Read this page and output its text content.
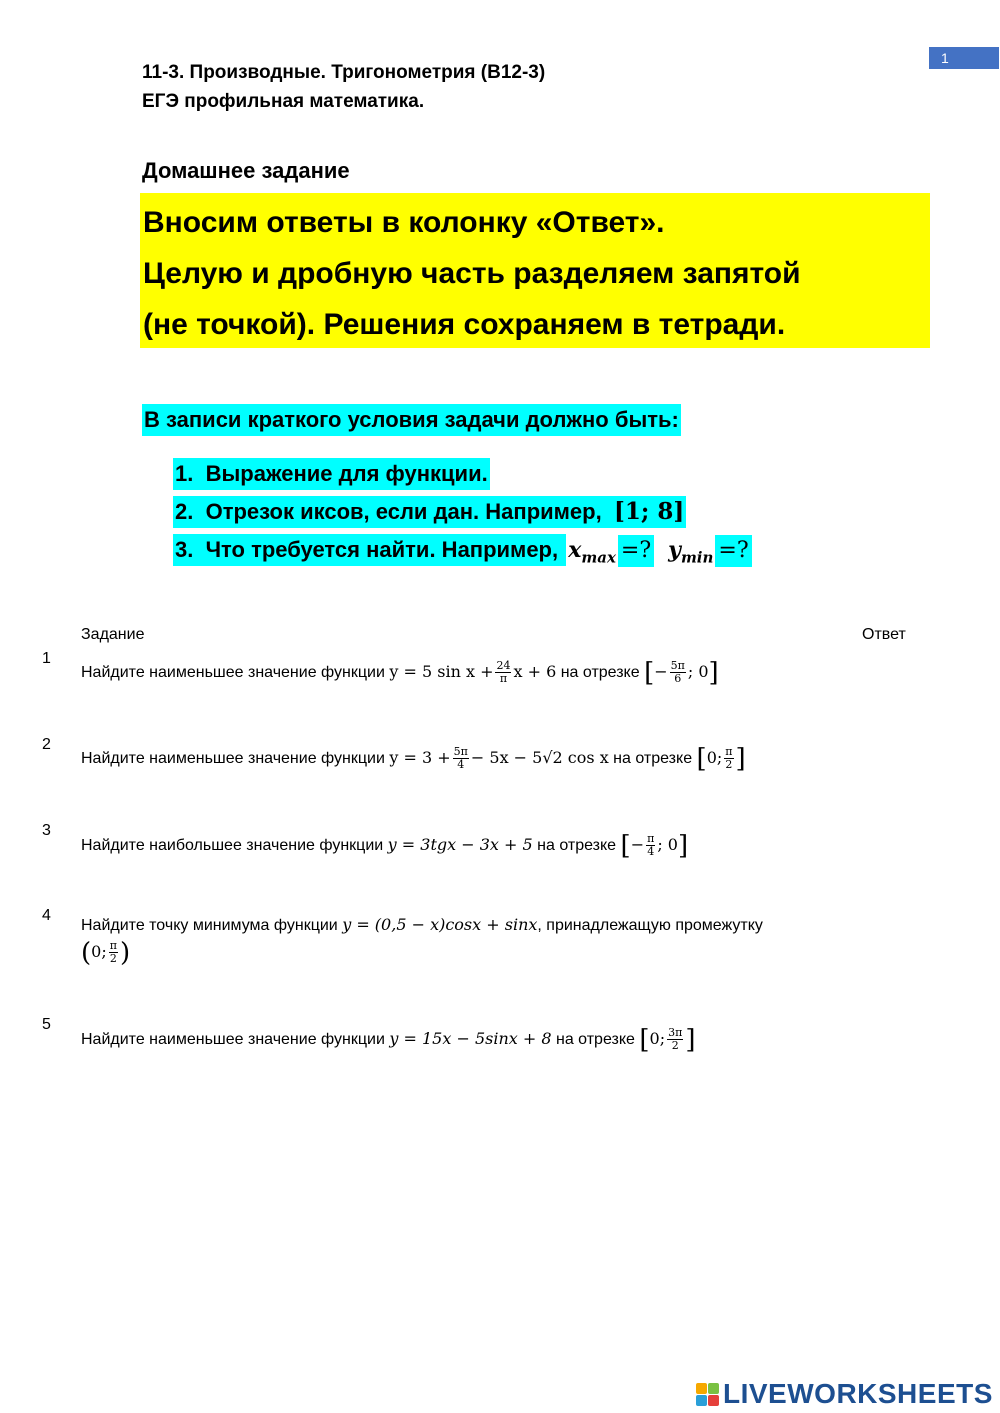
1
11-3. Производные. Тригонометрия (B12-3)
ЕГЭ профильная математика.
Домашнее задание
Вносим ответы в колонку «Ответ».
Целую и дробную часть разделяем запятой
(не точкой). Решения сохраняем в тетради.
В записи краткого условия задачи должно быть:
1. Выражение для функции.
2. Отрезок иксов, если дан. Например, [1; 8]
3. Что требуется найти. Например, $x_{max}$ =? $y_{min}$ =?
Задание	Ответ
1
Найдите наименьшее значение функции y = 5 $\sin x + \frac{24}{\pi}$ x + 6 на отрезке [− $\frac{5\pi}{6}$ ; 0]
2
Найдите наименьшее значение функции $y = 3 + \frac{5\pi}{4} - 5x - 5√2$ cos x на отрезке [0; $\frac{\pi}{2}$ ]
3
Найдите наибольшее значение функции y = 3tgx − 3x + 5 на отрезке [− $\frac{\pi}{4}$ ; 0]
4
Найдите точку минимума функции y = (0,5 − x)cosx + sinx, принадлежащую промежутку
(0; $\frac{\pi}{2}$ )
5
Найдите наименьшее значение функции y = 15x − 5sinx + 8 на отрезке [0; $\frac{3\pi}{2}$ ]
LIVEWORKSHEETS
